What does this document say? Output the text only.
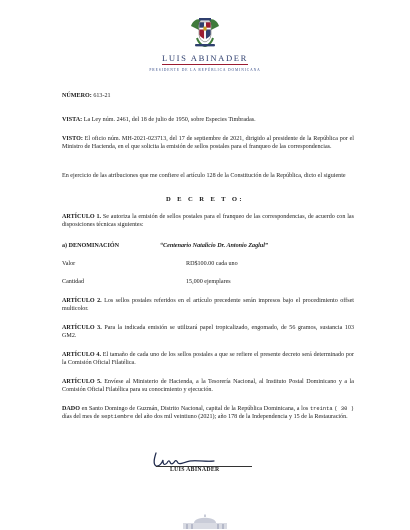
LUIS ABINADER
PRESIDENTE DE LA REPÚBLICA DOMINICANA
NÚMERO: 613-21
VISTA: La Ley núm. 2461, del 18 de julio de 1950, sobre Especies Timbradas.
VISTO: El oficio núm. MH-2021-023713, del 17 de septiembre de 2021, dirigido al presidente de la República por el Ministro de Hacienda, en el que solicita la emisión de sellos postales para el franqueo de las correspondencias.
En ejercicio de las atribuciones que me confiere el artículo 128 de la Constitución de la República, dicto el siguiente
D E C R E T O:
ARTÍCULO 1. Se autoriza la emisión de sellos postales para el franqueo de las correspondencias, de acuerdo con las disposiciones técnicas siguientes:
a) DENOMINACIÓN	“Centenario Natalicio Dr. Antonio Zaglul”
Valor	RD$100.00 cada uno
Cantidad	15,000 ejemplares
ARTÍCULO 2. Los sellos postales referidos en el artículo precedente serán impresos bajo el procedimiento offset multicolor.
ARTÍCULO 3. Para la indicada emisión se utilizará papel tropicalizado, engomado, de 56 gramos, sustancia 103 GM2.
ARTÍCULO 4. El tamaño de cada uno de los sellos postales a que se refiere el presente decreto será determinado por la Comisión Oficial Filatélica.
ARTÍCULO 5. Envíese al Ministerio de Hacienda, a la Tesorería Nacional, al Instituto Postal Dominicano y a la Comisión Oficial Filatélica para su conocimiento y ejecución.
DADO en Santo Domingo de Guzmán, Distrito Nacional, capital de la República Dominicana, a los treinta ( 30 ) días del mes de septiembre del año dos mil veintiuno (2021); año 178 de la Independencia y 15 de la Restauración.
LUIS ABINADER
